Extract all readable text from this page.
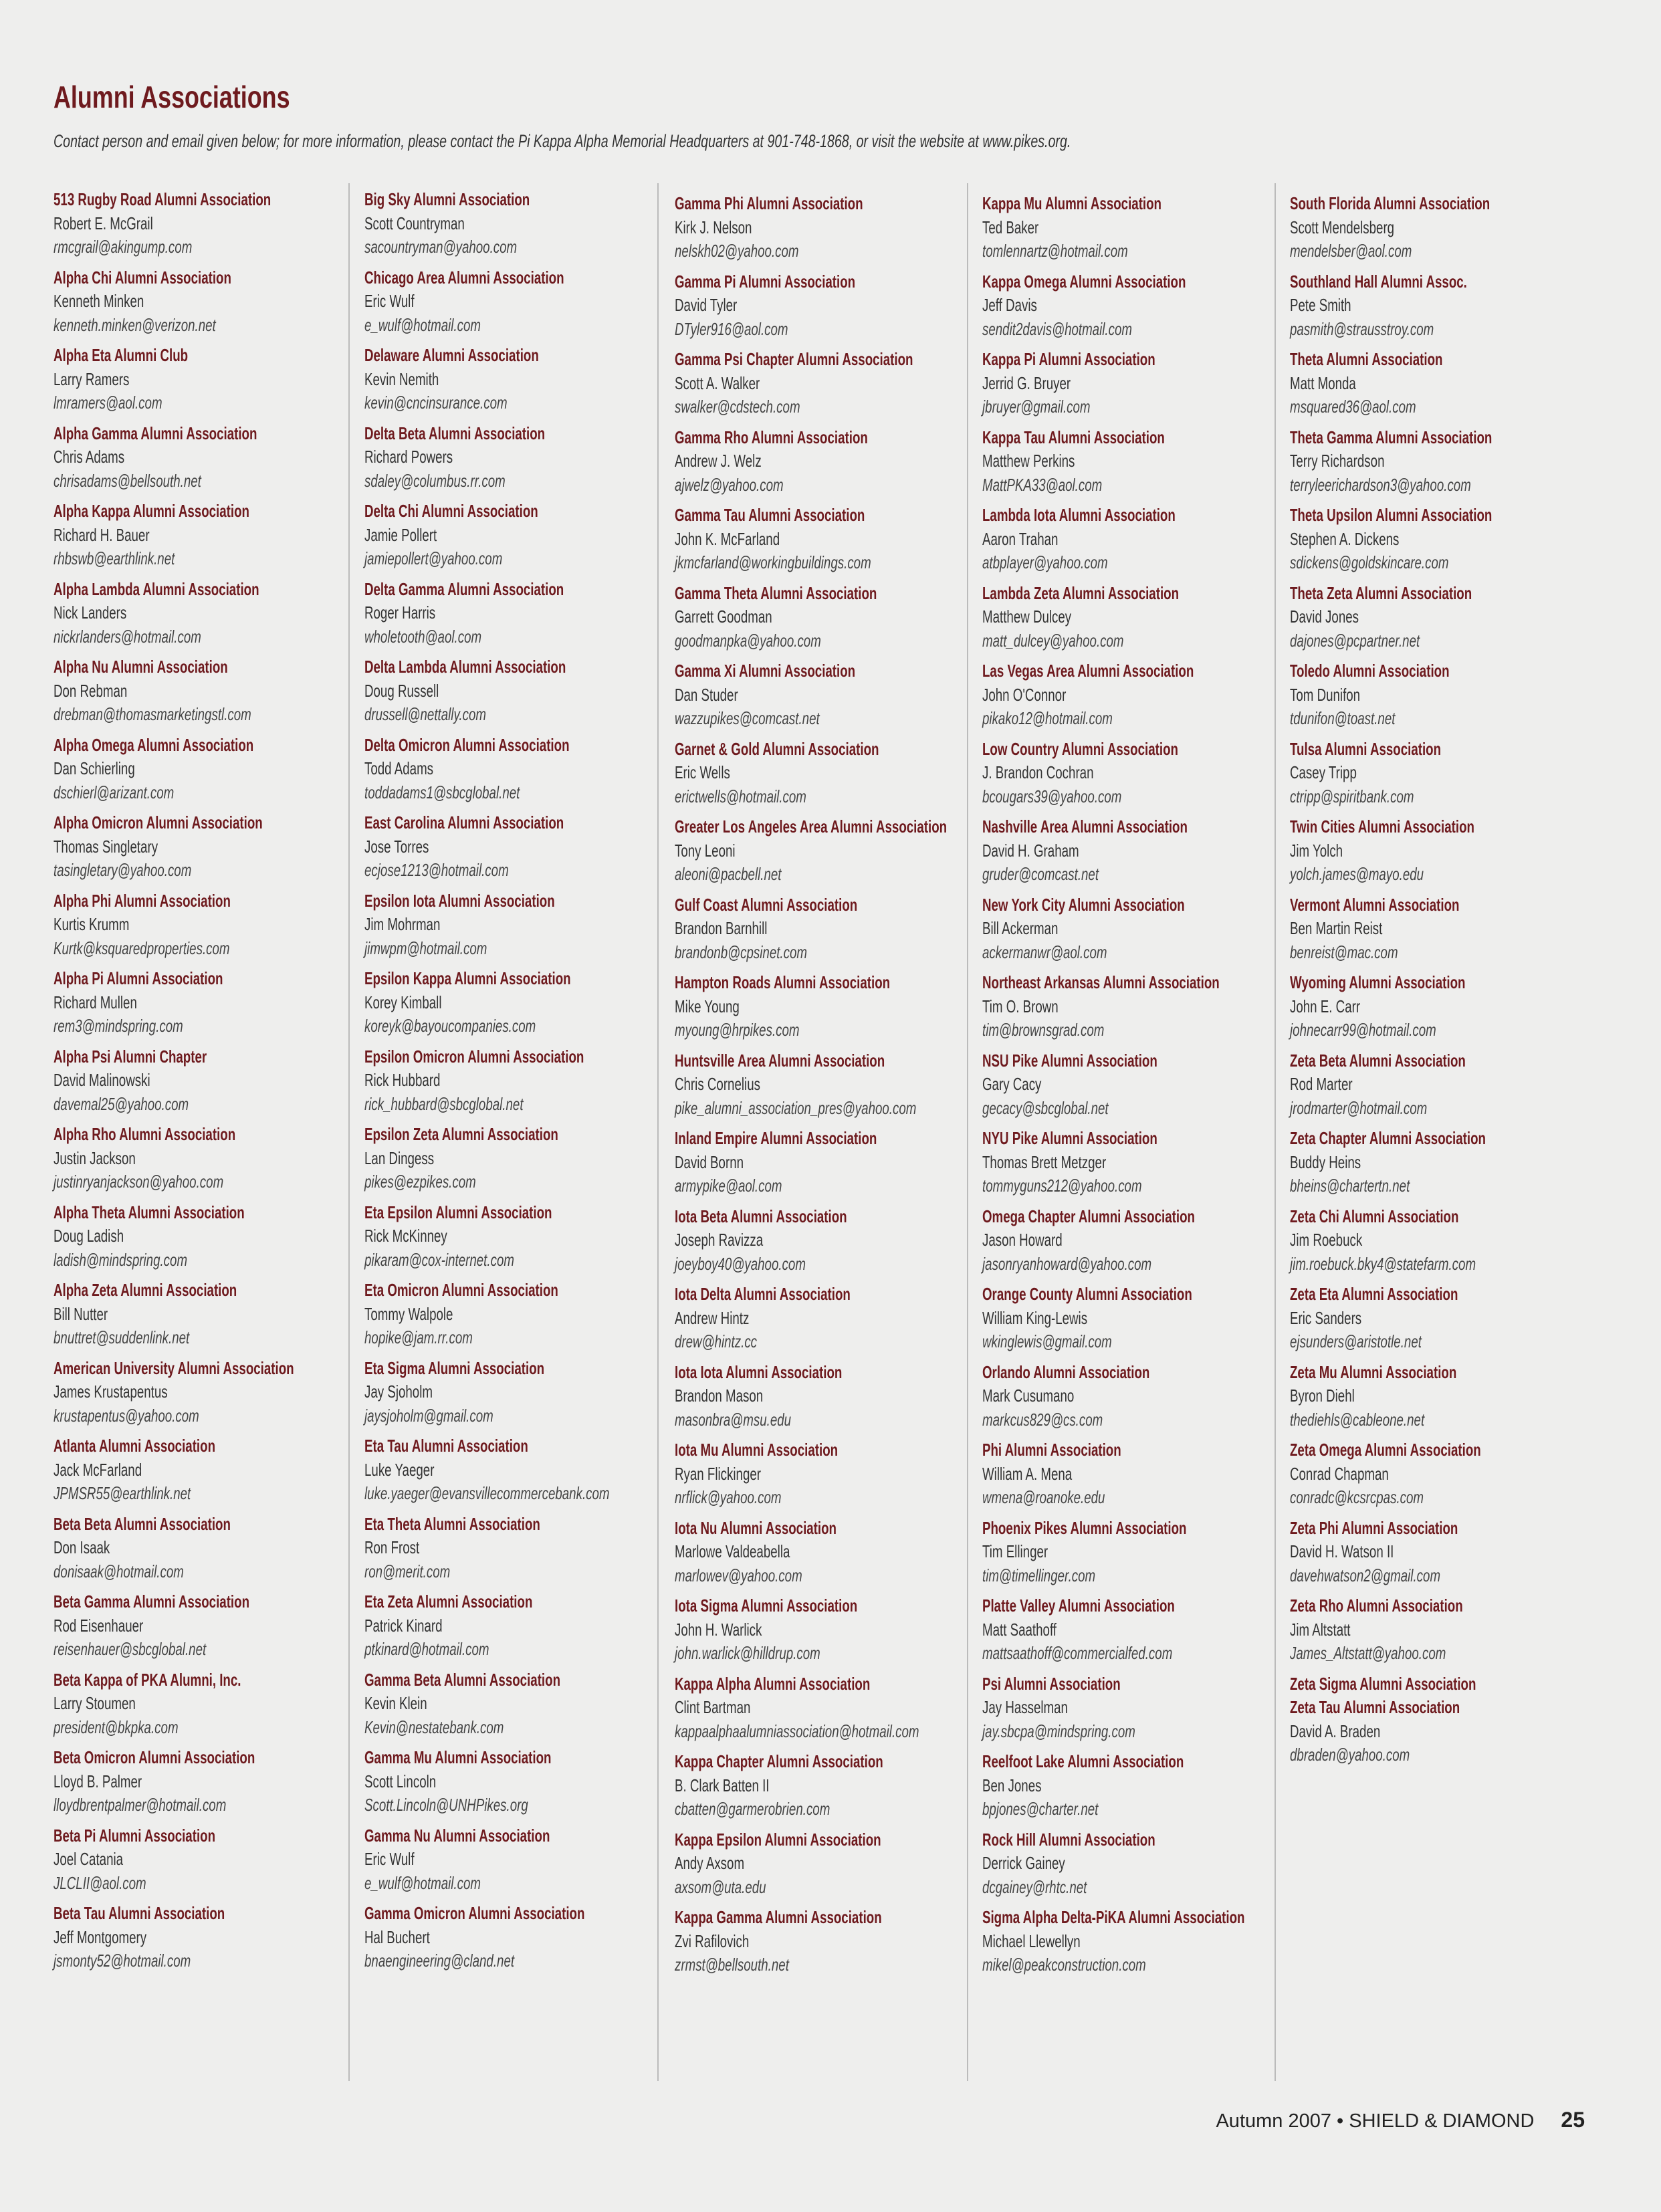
Alumni Associations
Contact person and email given below; for more information, please contact the Pi Kappa Alpha Memorial Headquarters at 901-748-1868, or visit the website at www.pikes.org.
513 Rugby Road Alumni Association
Robert E. McGrail
rmcgrail@akingump.com
Alpha Chi Alumni Association
Kenneth Minken
kenneth.minken@verizon.net
Alpha Eta Alumni Club
Larry Ramers
lmramers@aol.com
Alpha Gamma Alumni Association
Chris Adams
chrisadams@bellsouth.net
Alpha Kappa Alumni Association
Richard H. Bauer
rhbswb@earthlink.net
Alpha Lambda Alumni Association
Nick Landers
nickrlanders@hotmail.com
Alpha Nu Alumni Association
Don Rebman
drebman@thomasmarketingstl.com
Alpha Omega Alumni Association
Dan Schierling
dschierl@arizant.com
Alpha Omicron Alumni Association
Thomas Singletary
tasingletary@yahoo.com
Alpha Phi Alumni Association
Kurtis Krumm
Kurtk@ksquaredproperties.com
Alpha Pi Alumni Association
Richard Mullen
rem3@mindspring.com
Alpha Psi Alumni Chapter
David Malinowski
davemal25@yahoo.com
Alpha Rho Alumni Association
Justin Jackson
justinryanjackson@yahoo.com
Alpha Theta Alumni Association
Doug Ladish
ladish@mindspring.com
Alpha Zeta Alumni Association
Bill Nutter
bnuttret@suddenlink.net
American University Alumni Association
James Krustapentus
krustapentus@yahoo.com
Atlanta Alumni Association
Jack McFarland
JPMSR55@earthlink.net
Beta Beta Alumni Association
Don Isaak
donisaak@hotmail.com
Beta Gamma Alumni Association
Rod Eisenhauer
reisenhauer@sbcglobal.net
Beta Kappa of PKA Alumni, Inc.
Larry Stoumen
president@bkpka.com
Beta Omicron Alumni Association
Lloyd B. Palmer
lloydbrentpalmer@hotmail.com
Beta Pi Alumni Association
Joel Catania
JLCLII@aol.com
Beta Tau Alumni Association
Jeff Montgomery
jsmonty52@hotmail.com
Big Sky Alumni Association
Scott Countryman
sacountryman@yahoo.com
Chicago Area Alumni Association
Eric Wulf
e_wulf@hotmail.com
Delaware Alumni Association
Kevin Nemith
kevin@cncinsurance.com
Delta Beta Alumni Association
Richard Powers
sdaley@columbus.rr.com
Delta Chi Alumni Association
Jamie Pollert
jamiepollert@yahoo.com
Delta Gamma Alumni Association
Roger Harris
wholetooth@aol.com
Delta Lambda Alumni Association
Doug Russell
drussell@nettally.com
Delta Omicron Alumni Association
Todd Adams
toddadams1@sbcglobal.net
East Carolina Alumni Association
Jose Torres
ecjose1213@hotmail.com
Epsilon Iota Alumni Association
Jim Mohrman
jimwpm@hotmail.com
Epsilon Kappa Alumni Association
Korey Kimball
koreyk@bayoucompanies.com
Epsilon Omicron Alumni Association
Rick Hubbard
rick_hubbard@sbcglobal.net
Epsilon Zeta Alumni Association
Lan Dingess
pikes@ezpikes.com
Eta Epsilon Alumni Association
Rick McKinney
pikaram@cox-internet.com
Eta Omicron Alumni Association
Tommy Walpole
hopike@jam.rr.com
Eta Sigma Alumni Association
Jay Sjoholm
jaysjoholm@gmail.com
Eta Tau Alumni Association
Luke Yaeger
luke.yaeger@evansvillecommercebank.com
Eta Theta Alumni Association
Ron Frost
ron@merit.com
Eta Zeta Alumni Association
Patrick Kinard
ptkinard@hotmail.com
Gamma Beta Alumni Association
Kevin Klein
Kevin@nestatebank.com
Gamma Mu Alumni Association
Scott Lincoln
Scott.Lincoln@UNHPikes.org
Gamma Nu Alumni Association
Eric Wulf
e_wulf@hotmail.com
Gamma Omicron Alumni Association
Hal Buchert
bnaengineering@cland.net
Gamma Phi Alumni Association
Kirk J. Nelson
nelskh02@yahoo.com
Gamma Pi Alumni Association
David Tyler
DTyler916@aol.com
Gamma Psi Chapter Alumni Association
Scott A. Walker
swalker@cdstech.com
Gamma Rho Alumni Association
Andrew J. Welz
ajwelz@yahoo.com
Gamma Tau Alumni Association
John K. McFarland
jkmcfarland@workingbuildings.com
Gamma Theta Alumni Association
Garrett Goodman
goodmanpka@yahoo.com
Gamma Xi Alumni Association
Dan Studer
wazzupikes@comcast.net
Garnet & Gold Alumni Association
Eric Wells
erictwells@hotmail.com
Greater Los Angeles Area Alumni Association
Tony Leoni
aleoni@pacbell.net
Gulf Coast Alumni Association
Brandon Barnhill
brandonb@cpsinet.com
Hampton Roads Alumni Association
Mike Young
myoung@hrpikes.com
Huntsville Area Alumni Association
Chris Cornelius
pike_alumni_association_pres@yahoo.com
Inland Empire Alumni Association
David Bornn
armypike@aol.com
Iota Beta Alumni Association
Joseph Ravizza
joeyboy40@yahoo.com
Iota Delta Alumni Association
Andrew Hintz
drew@hintz.cc
Iota Iota Alumni Association
Brandon Mason
masonbra@msu.edu
Iota Mu Alumni Association
Ryan Flickinger
nrflick@yahoo.com
Iota Nu Alumni Association
Marlowe Valdeabella
marlowev@yahoo.com
Iota Sigma Alumni Association
John H. Warlick
john.warlick@hilldrup.com
Kappa Alpha Alumni Association
Clint Bartman
kappaalphaalumniassociation@hotmail.com
Kappa Chapter Alumni Association
B. Clark Batten II
cbatten@garmerobrien.com
Kappa Epsilon Alumni Association
Andy Axsom
axsom@uta.edu
Kappa Gamma Alumni Association
Zvi Rafilovich
zrmst@bellsouth.net
Kappa Mu Alumni Association
Ted Baker
tomlennartz@hotmail.com
Kappa Omega Alumni Association
Jeff Davis
sendit2davis@hotmail.com
Kappa Pi Alumni Association
Jerrid G. Bruyer
jbruyer@gmail.com
Kappa Tau Alumni Association
Matthew Perkins
MattPKA33@aol.com
Lambda Iota Alumni Association
Aaron Trahan
atbplayer@yahoo.com
Lambda Zeta Alumni Association
Matthew Dulcey
matt_dulcey@yahoo.com
Las Vegas Area Alumni Association
John O'Connor
pikako12@hotmail.com
Low Country Alumni Association
J. Brandon Cochran
bcougars39@yahoo.com
Nashville Area Alumni Association
David H. Graham
gruder@comcast.net
New York City Alumni Association
Bill Ackerman
ackermanwr@aol.com
Northeast Arkansas Alumni Association
Tim O. Brown
tim@brownsgrad.com
NSU Pike Alumni Association
Gary Cacy
gecacy@sbcglobal.net
NYU Pike Alumni Association
Thomas Brett Metzger
tommyguns212@yahoo.com
Omega Chapter Alumni Association
Jason Howard
jasonryanhoward@yahoo.com
Orange County Alumni Association
William King-Lewis
wkinglewis@gmail.com
Orlando Alumni Association
Mark Cusumano
markcus829@cs.com
Phi Alumni Association
William A. Mena
wmena@roanoke.edu
Phoenix Pikes Alumni Association
Tim Ellinger
tim@timellinger.com
Platte Valley Alumni Association
Matt Saathoff
mattsaathoff@commercialfed.com
Psi Alumni Association
Jay Hasselman
jay.sbcpa@mindspring.com
Reelfoot Lake Alumni Association
Ben Jones
bpjones@charter.net
Rock Hill Alumni Association
Derrick Gainey
dcgainey@rhtc.net
Sigma Alpha Delta-PiKA Alumni Association
Michael Llewellyn
mikel@peakconstruction.com
South Florida Alumni Association
Scott Mendelsberg
mendelsber@aol.com
Southland Hall Alumni Assoc.
Pete Smith
pasmith@strausstroy.com
Theta Alumni Association
Matt Monda
msquared36@aol.com
Theta Gamma Alumni Association
Terry Richardson
terryleerichardson3@yahoo.com
Theta Upsilon Alumni Association
Stephen A. Dickens
sdickens@goldskincare.com
Theta Zeta Alumni Association
David Jones
dajones@pcpartner.net
Toledo Alumni Association
Tom Dunifon
tdunifon@toast.net
Tulsa Alumni Association
Casey Tripp
ctripp@spiritbank.com
Twin Cities Alumni Association
Jim Yolch
yolch.james@mayo.edu
Vermont Alumni Association
Ben Martin Reist
benreist@mac.com
Wyoming Alumni Association
John E. Carr
johnecarr99@hotmail.com
Zeta Beta Alumni Association
Rod Marter
jrodmarter@hotmail.com
Zeta Chapter Alumni Association
Buddy Heins
bheins@chartertn.net
Zeta Chi Alumni Association
Jim Roebuck
jim.roebuck.bky4@statefarm.com
Zeta Eta Alumni Association
Eric Sanders
ejsunders@aristotle.net
Zeta Mu Alumni Association
Byron Diehl
thediehls@cableone.net
Zeta Omega Alumni Association
Conrad Chapman
conradc@kcsrcpas.com
Zeta Phi Alumni Association
David H. Watson II
davehwatson2@gmail.com
Zeta Rho Alumni Association
Jim Altstatt
James_Altstatt@yahoo.com
Zeta Sigma Alumni Association
Zeta Tau Alumni Association
David A. Braden
dbraden@yahoo.com
Autumn 2007 • SHIELD & DIAMOND 25
